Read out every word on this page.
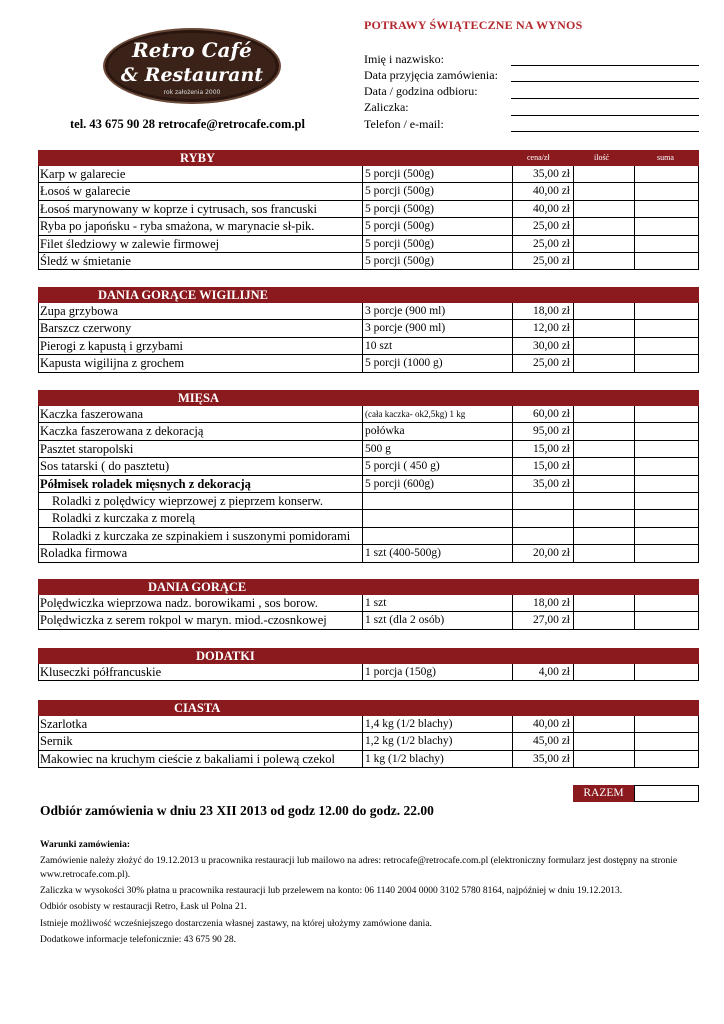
Retro Café
& Restaurant
rok założenia 2000
tel. 43 675 90 28 retrocafe@retrocafe.com.pl
POTRAWY ŚWIĄTECZNE NA WYNOS
Imię i nazwisko:
Data przyjęcia zamówienia:
Data / godzina odbioru:
Zaliczka:
Telefon / e-mail:
RYBY	cena/zł	ilość	suma
Karp w galarecie	5 porcji (500g)	35,00 zł
Łosoś w galarecie	5 porcji (500g)	40,00 zł
Łosoś marynowany w koprze i cytrusach, sos francuski	5 porcji (500g)	40,00 zł
Ryba po japońsku - ryba smażona, w marynacie sł-pik.	5 porcji (500g)	25,00 zł
Filet śledziowy w zalewie firmowej	5 porcji (500g)	25,00 zł
Śledź w śmietanie	5 porcji (500g)	25,00 zł
DANIA GORĄCE WIGILIJNE
Zupa grzybowa	3 porcje (900 ml)	18,00 zł
Barszcz czerwony	3 porcje (900 ml)	12,00 zł
Pierogi z kapustą i grzybami	10 szt	30,00 zł
Kapusta wigilijna z grochem	5 porcji (1000 g)	25,00 zł
MIĘSA
Kaczka faszerowana	(cała kaczka- ok2,5kg) 1 kg	60,00 zł
Kaczka faszerowana z dekoracją	połówka	95,00 zł
Pasztet staropolski	500 g	15,00 zł
Sos tatarski ( do pasztetu)	5 porcji ( 450 g)	15,00 zł
Półmisek roladek mięsnych z dekoracją	5 porcji (600g)	35,00 zł
Roladki z polędwicy wieprzowej z pieprzem konserw.
Roladki z kurczaka z morelą
Roladki z kurczaka ze szpinakiem i suszonymi pomidorami
Roladka firmowa	1 szt (400-500g)	20,00 zł
DANIA GORĄCE
Polędwiczka wieprzowa nadz. borowikami , sos borow.	1 szt	18,00 zł
Polędwiczka z serem rokpol w maryn. miod.-czosnkowej	1 szt (dla 2 osób)	27,00 zł
DODATKI
Kluseczki półfrancuskie	1 porcja (150g)	4,00 zł
CIASTA
Szarlotka	1,4 kg (1/2 blachy)	40,00 zł
Sernik	1,2 kg (1/2 blachy)	45,00 zł
Makowiec na kruchym cieście z bakaliami i polewą czekol	1 kg (1/2 blachy)	35,00 zł
RAZEM
Odbiór zamówienia w dniu 23 XII 2013 od godz 12.00 do godz. 22.00
Warunki zamówienia:
Zamówienie należy złożyć do 19.12.2013 u pracownika restauracji lub mailowo na adres: retrocafe@retrocafe.com.pl (elektroniczny formularz jest dostępny na stronie www.retrocafe.com.pl).
Zaliczka w wysokości 30% płatna u pracownika restauracji lub przelewem na konto: 06 1140 2004 0000 3102 5780 8164, najpóźniej w dniu 19.12.2013.
Odbiór osobisty w restauracji Retro, Łask ul Polna 21.
Istnieje możliwość wcześniejszego dostarczenia własnej zastawy, na której ułożymy zamówione dania.
Dodatkowe informacje telefonicznie: 43 675 90 28.
